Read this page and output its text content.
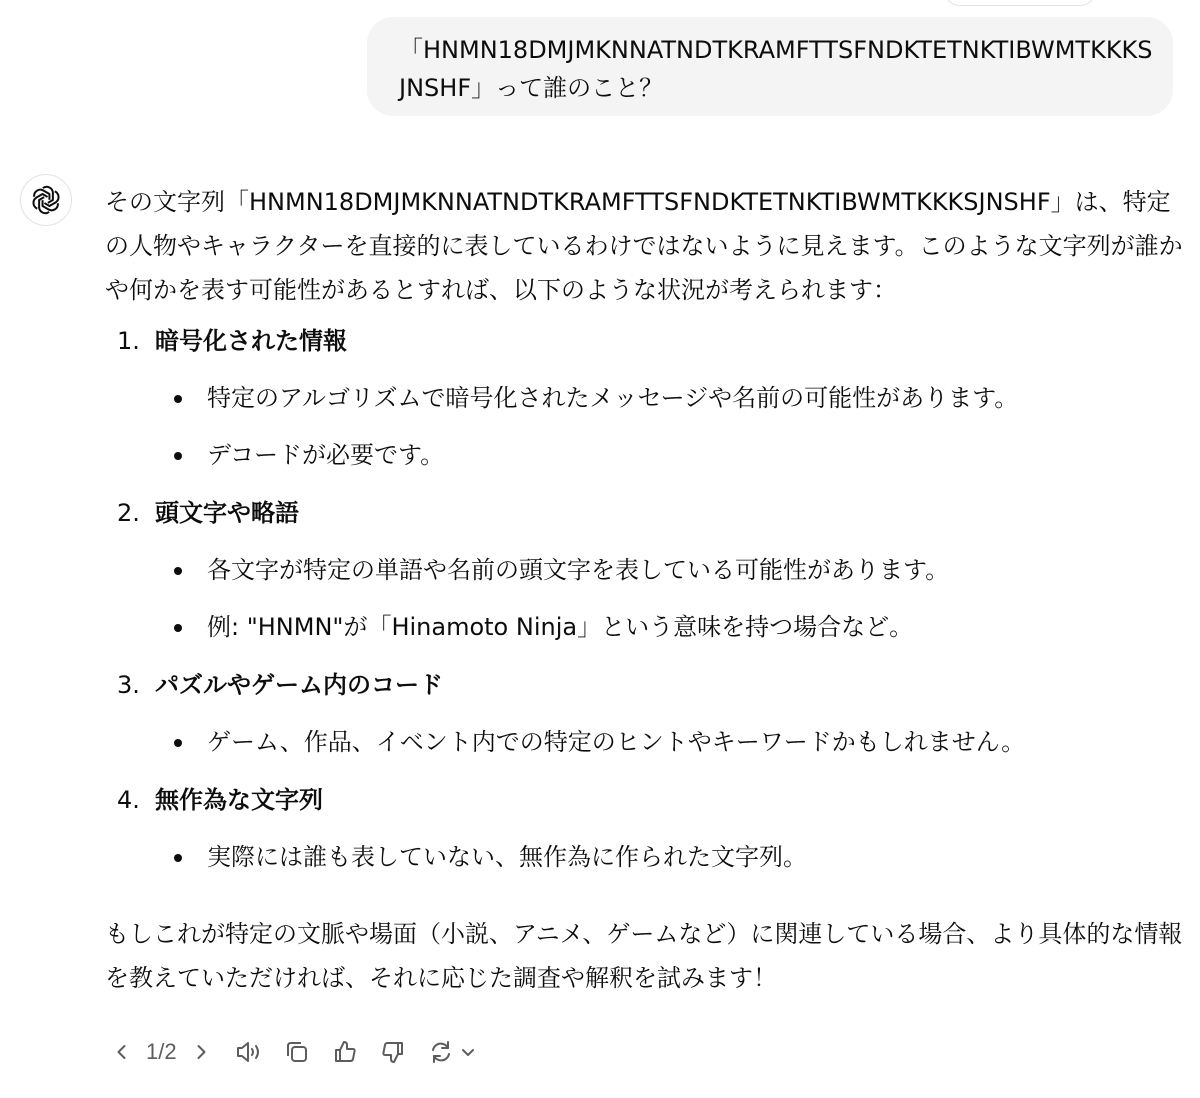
「HNMN18DMJMKNNATNDTKRAMFTTSFNDKTETNKTIBWMTKKKSJNSHF」って誰のこと？

その文字列「HNMN18DMJMKNNATNDTKRAMFTTSFNDKTETNKTIBWMTKKKSJNSHF」は、特定の人物やキャラクターを直接的に表しているわけではないように見えます。このような文字列が誰かや何かを表す可能性があるとすれば、以下のような状況が考えられます：

1. 暗号化された情報
特定のアルゴリズムで暗号化されたメッセージや名前の可能性があります。
デコードが必要です。
2. 頭文字や略語
各文字が特定の単語や名前の頭文字を表している可能性があります。
例: "HNMN"が「Hinamoto Ninja」という意味を持つ場合など。
3. パズルやゲーム内のコード
ゲーム、作品、イベント内での特定のヒントやキーワードかもしれません。
4. 無作為な文字列
実際には誰も表していない、無作為に作られた文字列。

もしこれが特定の文脈や場面（小説、アニメ、ゲームなど）に関連している場合、より具体的な情報を教えていただければ、それに応じた調査や解釈を試みます！

1/2
